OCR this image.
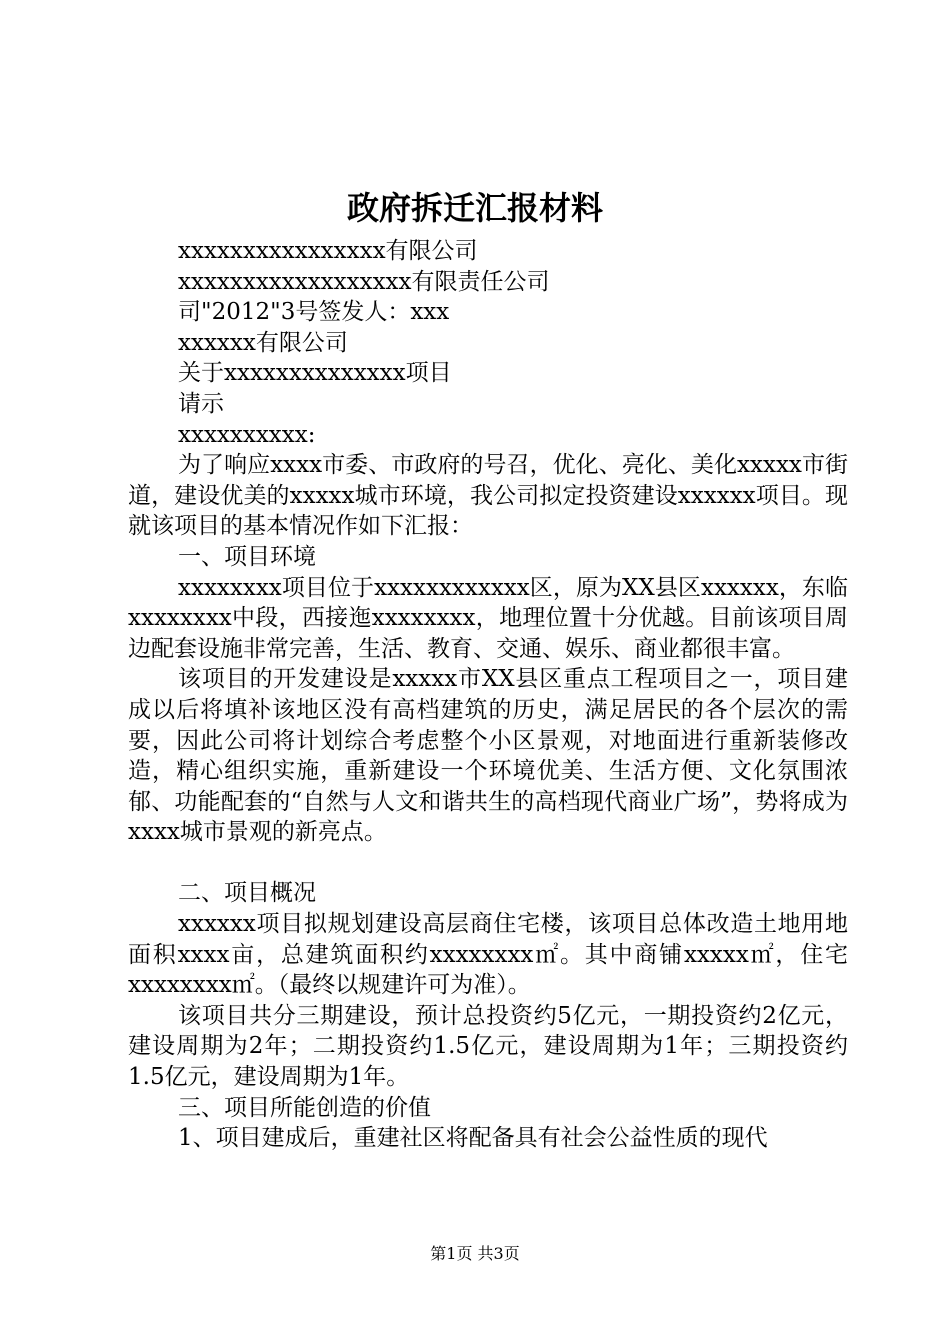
政府拆迁汇报材料
xxxxxxxxxxxxxxxx有限公司
xxxxxxxxxxxxxxxxxx有限责任公司
司"2012"3号签发人：xxx
xxxxxx有限公司
关于xxxxxxxxxxxxxx项目
请示
xxxxxxxxxx:
为了响应xxxx市委、市政府的号召，优化、亮化、美化xxxxx市街道，建设优美的xxxxx城市环境，我公司拟定投资建设xxxxxx项目。现就该项目的基本情况作如下汇报：
一、项目环境
xxxxxxxx项目位于xxxxxxxxxxxx区，原为XX县区xxxxxx，东临xxxxxxxx中段，西接迤xxxxxxxx，地理位置十分优越。目前该项目周边配套设施非常完善，生活、教育、交通、娱乐、商业都很丰富。
该项目的开发建设是xxxxx市XX县区重点工程项目之一，项目建成以后将填补该地区没有高档建筑的历史，满足居民的各个层次的需要，因此公司将计划综合考虑整个小区景观，对地面进行重新装修改造，精心组织实施，重新建设一个环境优美、生活方便、文化氛围浓郁、功能配套的“自然与人文和谐共生的高档现代商业广场”，势将成为xxxx城市景观的新亮点。
二、项目概况
xxxxxx项目拟规划建设高层商住宅楼，该项目总体改造土地用地面积xxxx亩，总建筑面积约xxxxxxxx㎡。其中商铺xxxxx㎡，住宅xxxxxxxx㎡。（最终以规建许可为准）。
该项目共分三期建设，预计总投资约5亿元，一期投资约2亿元，建设周期为2年；二期投资约1.5亿元，建设周期为1年；三期投资约1.5亿元，建设周期为1年。
三、项目所能创造的价值
1、项目建成后，重建社区将配备具有社会公益性质的现代
第1页 共3页
